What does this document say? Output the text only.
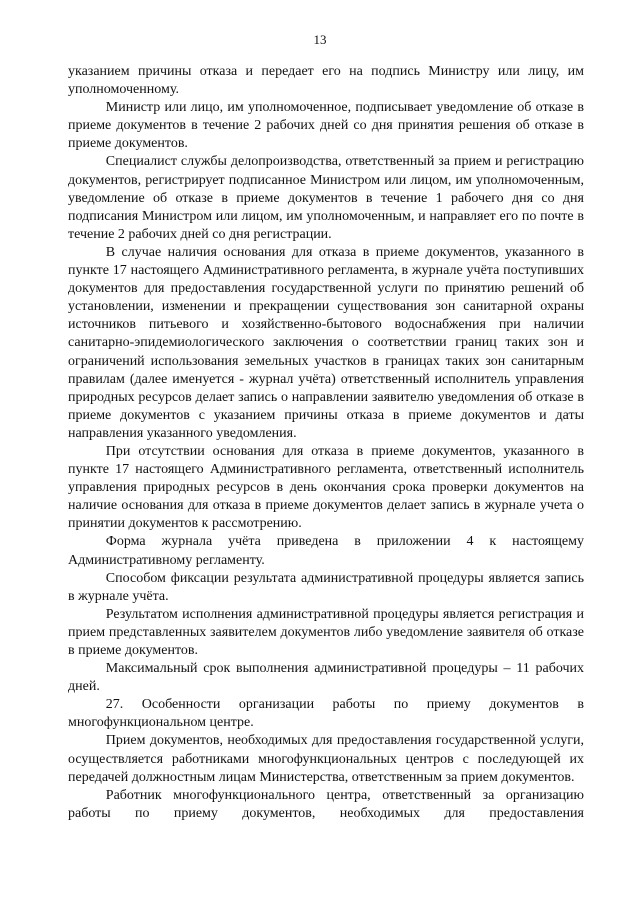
13

указанием причины отказа и передает его на подпись Министру или лицу, им уполномоченному.

Министр или лицо, им уполномоченное, подписывает уведомление об отказе в приеме документов в течение 2 рабочих дней со дня принятия решения об отказе в приеме документов.

Специалист службы делопроизводства, ответственный за прием и регистрацию документов, регистрирует подписанное Министром или лицом, им уполномоченным, уведомление об отказе в приеме документов в течение 1 рабочего дня со дня подписания Министром или лицом, им уполномоченным, и направляет его по почте в течение 2 рабочих дней со дня регистрации.

В случае наличия основания для отказа в приеме документов, указанного в пункте 17 настоящего Административного регламента, в журнале учёта поступивших документов для предоставления государственной услуги по принятию решений об установлении, изменении и прекращении существования зон санитарной охраны источников питьевого и хозяйственно-бытового водоснабжения при наличии санитарно-эпидемиологического заключения о соответствии границ таких зон и ограничений использования земельных участков в границах таких зон санитарным правилам (далее именуется - журнал учёта) ответственный исполнитель управления природных ресурсов делает запись о направлении заявителю уведомления об отказе в приеме документов с указанием причины отказа в приеме документов и даты направления указанного уведомления.

При отсутствии основания для отказа в приеме документов, указанного в пункте 17 настоящего Административного регламента, ответственный исполнитель управления природных ресурсов в день окончания срока проверки документов на наличие основания для отказа в приеме документов делает запись в журнале учета о принятии документов к рассмотрению.

Форма журнала учёта приведена в приложении 4 к настоящему Административному регламенту.

Способом фиксации результата административной процедуры является запись в журнале учёта.

Результатом исполнения административной процедуры является регистрация и прием представленных заявителем документов либо уведомление заявителя об отказе в приеме документов.

Максимальный срок выполнения административной процедуры – 11 рабочих дней.

27. Особенности организации работы по приему документов в многофункциональном центре.

Прием документов, необходимых для предоставления государственной услуги, осуществляется работниками многофункциональных центров с последующей их передачей должностным лицам Министерства, ответственным за прием документов.

Работник многофункционального центра, ответственный за организацию работы по приему документов, необходимых для предоставления
